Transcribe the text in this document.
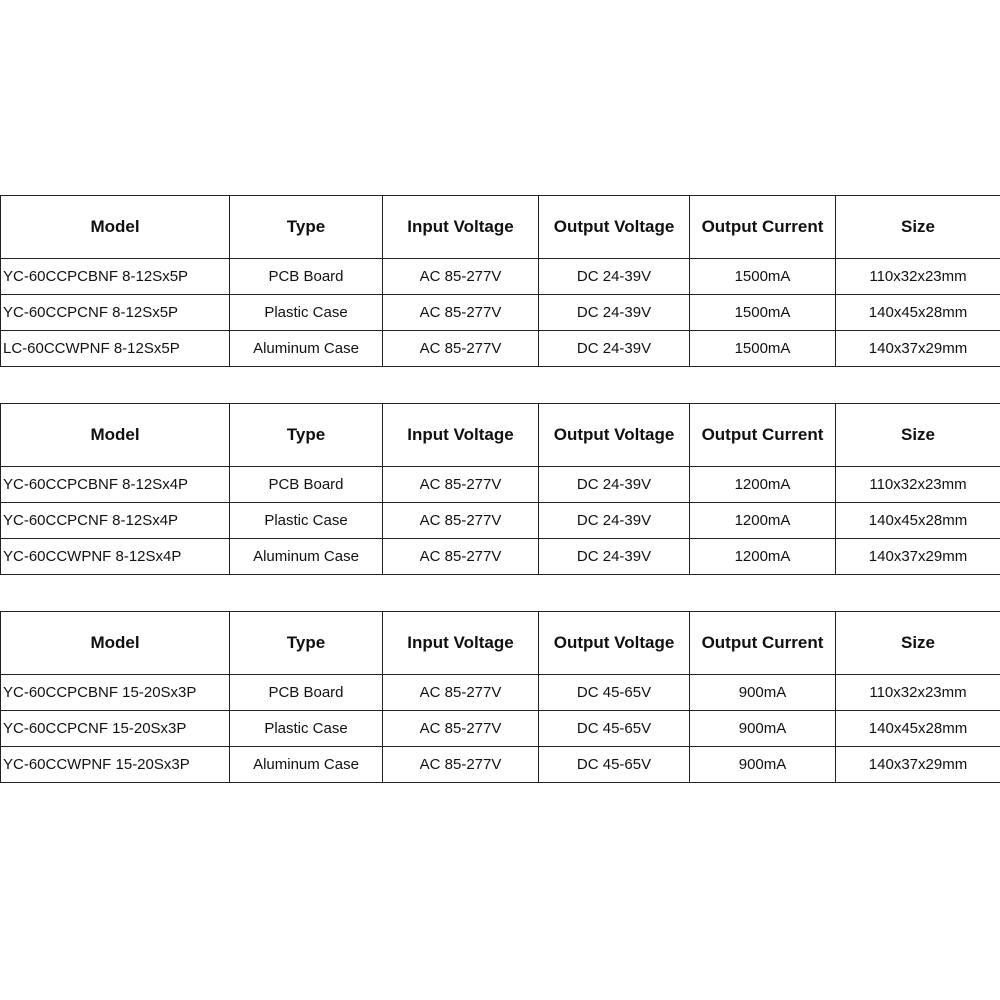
Model	Type	Input Voltage	Output Voltage	Output Current	Size
YC-60CCPCBNF 8-12Sx5P	PCB Board	AC 85-277V	DC 24-39V	1500mA	110x32x23mm
YC-60CCPCNF 8-12Sx5P	Plastic Case	AC 85-277V	DC 24-39V	1500mA	140x45x28mm
LC-60CCWPNF 8-12Sx5P	Aluminum Case	AC 85-277V	DC 24-39V	1500mA	140x37x29mm
Model	Type	Input Voltage	Output Voltage	Output Current	Size
YC-60CCPCBNF 8-12Sx4P	PCB Board	AC 85-277V	DC 24-39V	1200mA	110x32x23mm
YC-60CCPCNF 8-12Sx4P	Plastic Case	AC 85-277V	DC 24-39V	1200mA	140x45x28mm
YC-60CCWPNF 8-12Sx4P	Aluminum Case	AC 85-277V	DC 24-39V	1200mA	140x37x29mm
Model	Type	Input Voltage	Output Voltage	Output Current	Size
YC-60CCPCBNF 15-20Sx3P	PCB Board	AC 85-277V	DC 45-65V	900mA	110x32x23mm
YC-60CCPCNF 15-20Sx3P	Plastic Case	AC 85-277V	DC 45-65V	900mA	140x45x28mm
YC-60CCWPNF 15-20Sx3P	Aluminum Case	AC 85-277V	DC 45-65V	900mA	140x37x29mm
